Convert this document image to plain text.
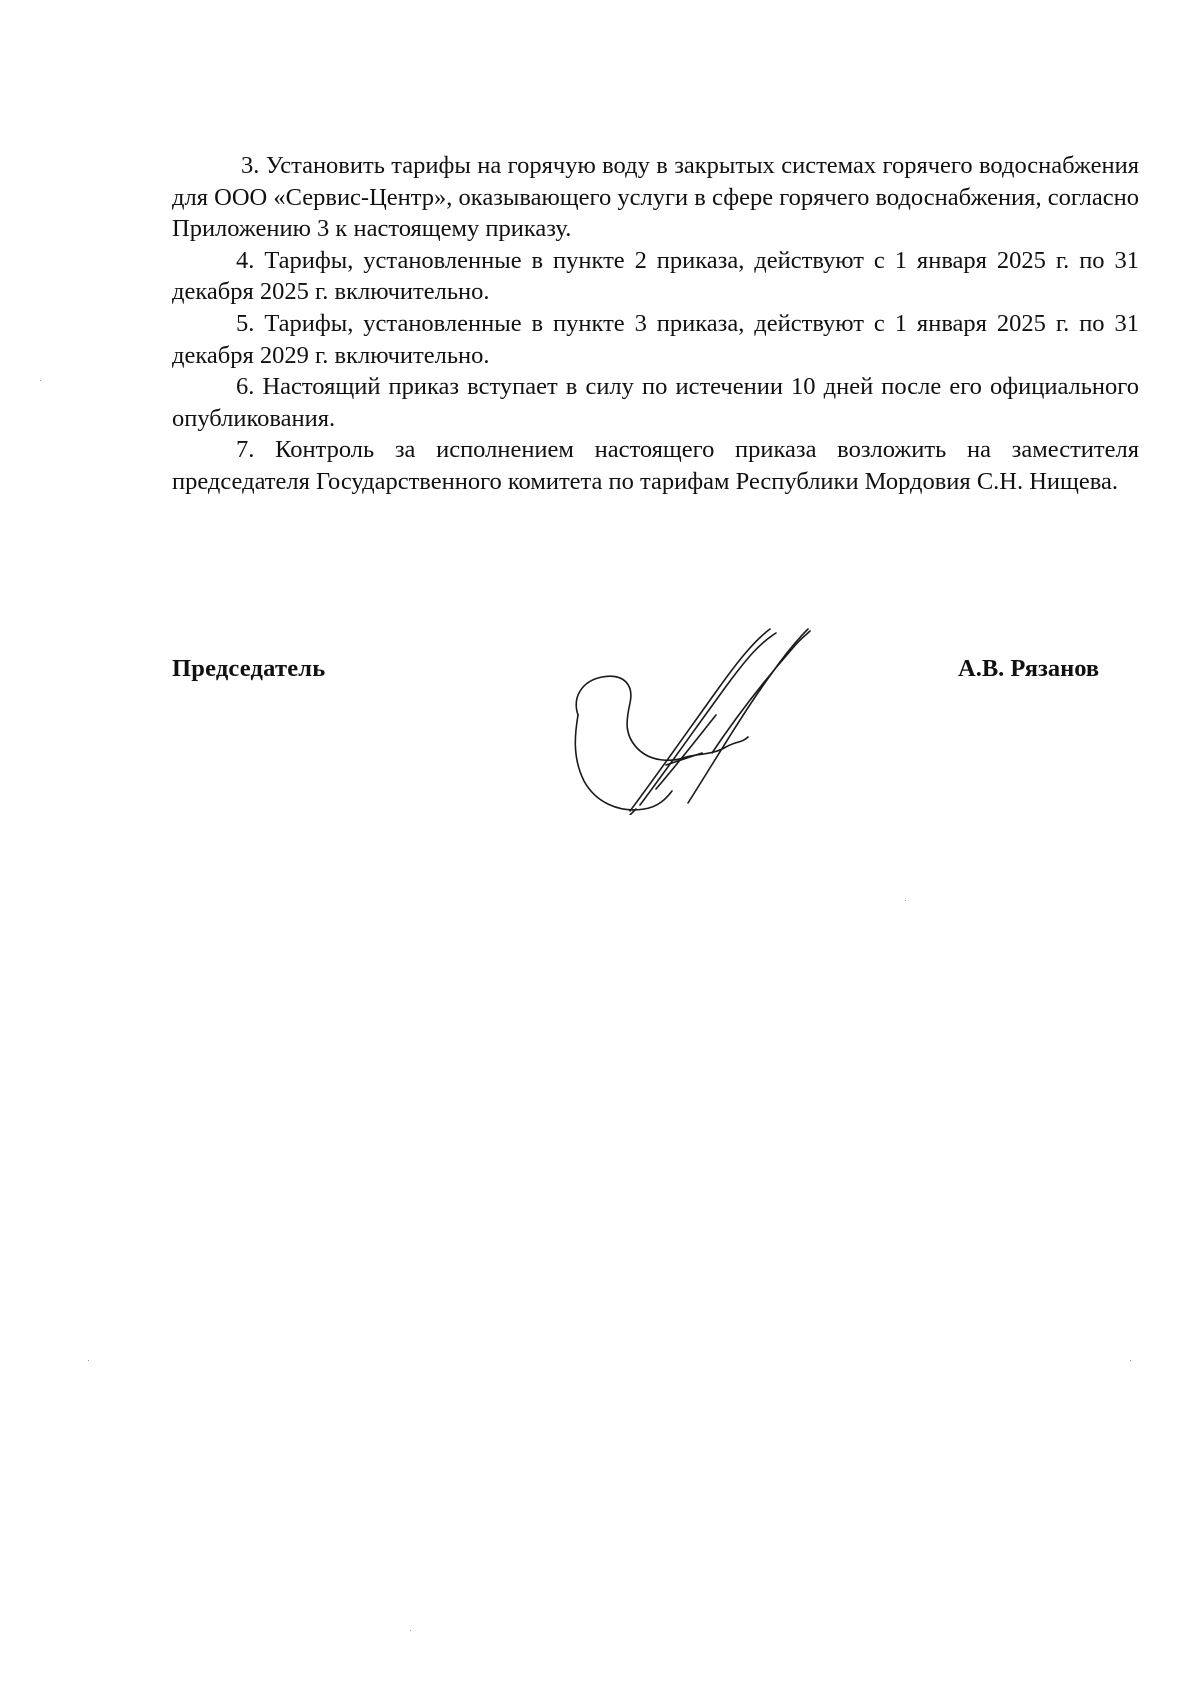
3. Установить тарифы на горячую воду в закрытых системах горячего водоснабжения для ООО «Сервис-Центр», оказывающего услуги в сфере горячего водоснабжения, согласно Приложению 3 к настоящему приказу.

4. Тарифы, установленные в пункте 2 приказа, действуют с 1 января 2025 г. по 31 декабря 2025 г. включительно.

5. Тарифы, установленные в пункте 3 приказа, действуют с 1 января 2025 г. по 31 декабря 2029 г. включительно.

6. Настоящий приказ вступает в силу по истечении 10 дней после его официального опубликования.

7. Контроль за исполнением настоящего приказа возложить на заместителя председателя Государственного комитета по тарифам Республики Мордовия С.Н. Нищева.

Председатель	А.В. Рязанов
